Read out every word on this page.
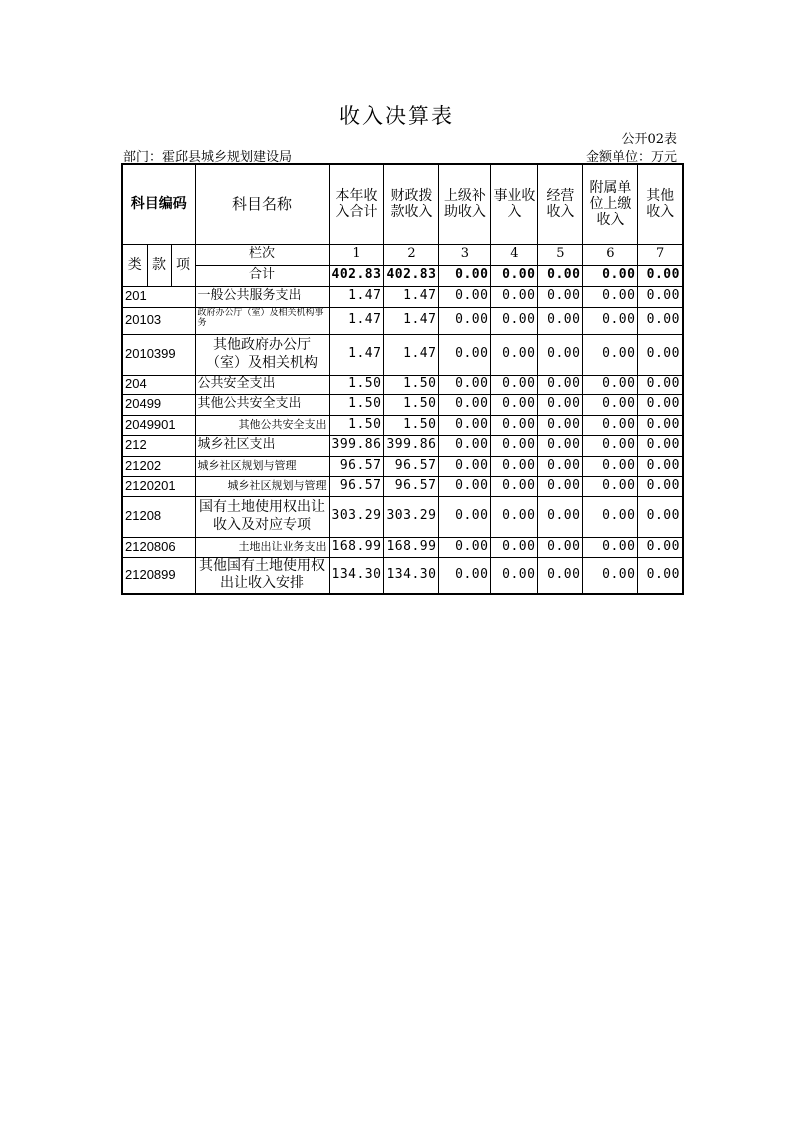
收入决算表
公开02表
部门：霍邱县城乡规划建设局	金额单位：万元
科目编码			科目名称	本年收入合计	财政拨款收入	上级补助收入	事业收入	经营收入	附属单位上缴收入	其他收入
类	款	项	栏次	1	2	3	4	5	6	7
			合计	402.83	402.83	0.00	0.00	0.00	0.00	0.00
201			一般公共服务支出	1.47	1.47	0.00	0.00	0.00	0.00	0.00
20103			政府办公厅（室）及相关机构事务	1.47	1.47	0.00	0.00	0.00	0.00	0.00
2010399			其他政府办公厅（室）及相关机构	1.47	1.47	0.00	0.00	0.00	0.00	0.00
204			公共安全支出	1.50	1.50	0.00	0.00	0.00	0.00	0.00
20499			其他公共安全支出	1.50	1.50	0.00	0.00	0.00	0.00	0.00
2049901			其他公共安全支出	1.50	1.50	0.00	0.00	0.00	0.00	0.00
212			城乡社区支出	399.86	399.86	0.00	0.00	0.00	0.00	0.00
21202			城乡社区规划与管理	96.57	96.57	0.00	0.00	0.00	0.00	0.00
2120201			城乡社区规划与管理	96.57	96.57	0.00	0.00	0.00	0.00	0.00
21208			国有土地使用权出让收入及对应专项	303.29	303.29	0.00	0.00	0.00	0.00	0.00
2120806			土地出让业务支出	168.99	168.99	0.00	0.00	0.00	0.00	0.00
2120899			其他国有土地使用权出让收入安排	134.30	134.30	0.00	0.00	0.00	0.00	0.00
